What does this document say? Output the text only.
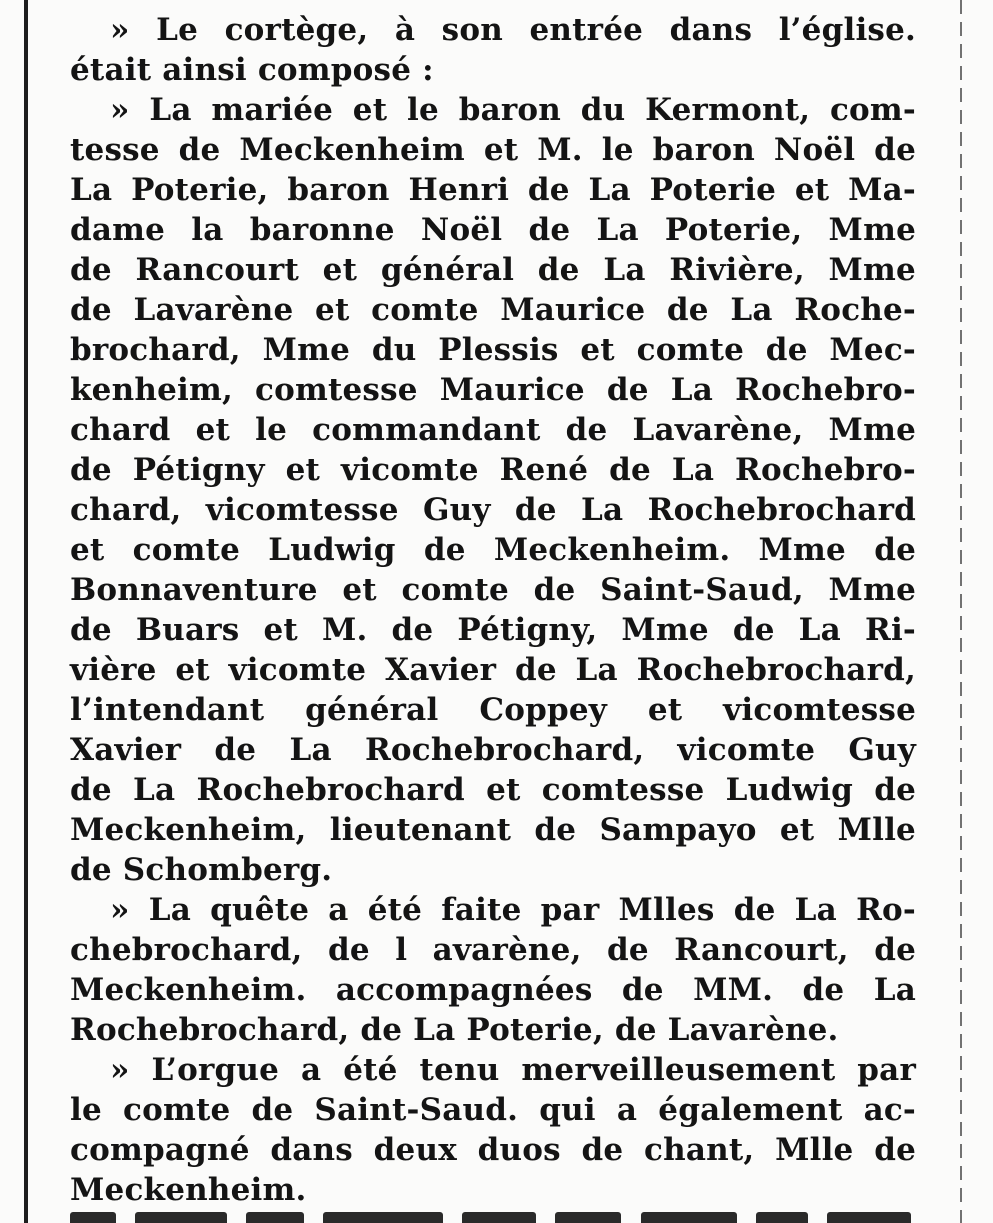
» Le cortège, à son entrée dans l’église.
était ainsi composé :
» La mariée et le baron du Kermont, com-
tesse de Meckenheim et M. le baron Noël de
La Poterie, baron Henri de La Poterie et Ma-
dame la baronne Noël de La Poterie, Mme
de Rancourt et général de La Rivière, Mme
de Lavarène et comte Maurice de La Roche-
brochard, Mme du Plessis et comte de Mec-
kenheim, comtesse Maurice de La Rochebro-
chard et le commandant de Lavarène, Mme
de Pétigny et vicomte René de La Rochebro-
chard, vicomtesse Guy de La Rochebrochard
et comte Ludwig de Meckenheim. Mme de
Bonnaventure et comte de Saint-Saud, Mme
de Buars et M. de Pétigny, Mme de La Ri-
vière et vicomte Xavier de La Rochebrochard,
l’intendant général Coppey et vicomtesse
Xavier de La Rochebrochard, vicomte Guy
de La Rochebrochard et comtesse Ludwig de
Meckenheim, lieutenant de Sampayo et Mlle
de Schomberg.
» La quête a été faite par Mlles de La Ro-
chebrochard, de l avarène, de Rancourt, de
Meckenheim. accompagnées de MM. de La
Rochebrochard, de La Poterie, de Lavarène.
» L’orgue a été tenu merveilleusement par
le comte de Saint-Saud. qui a également ac-
compagné dans deux duos de chant, Mlle de
Meckenheim.
